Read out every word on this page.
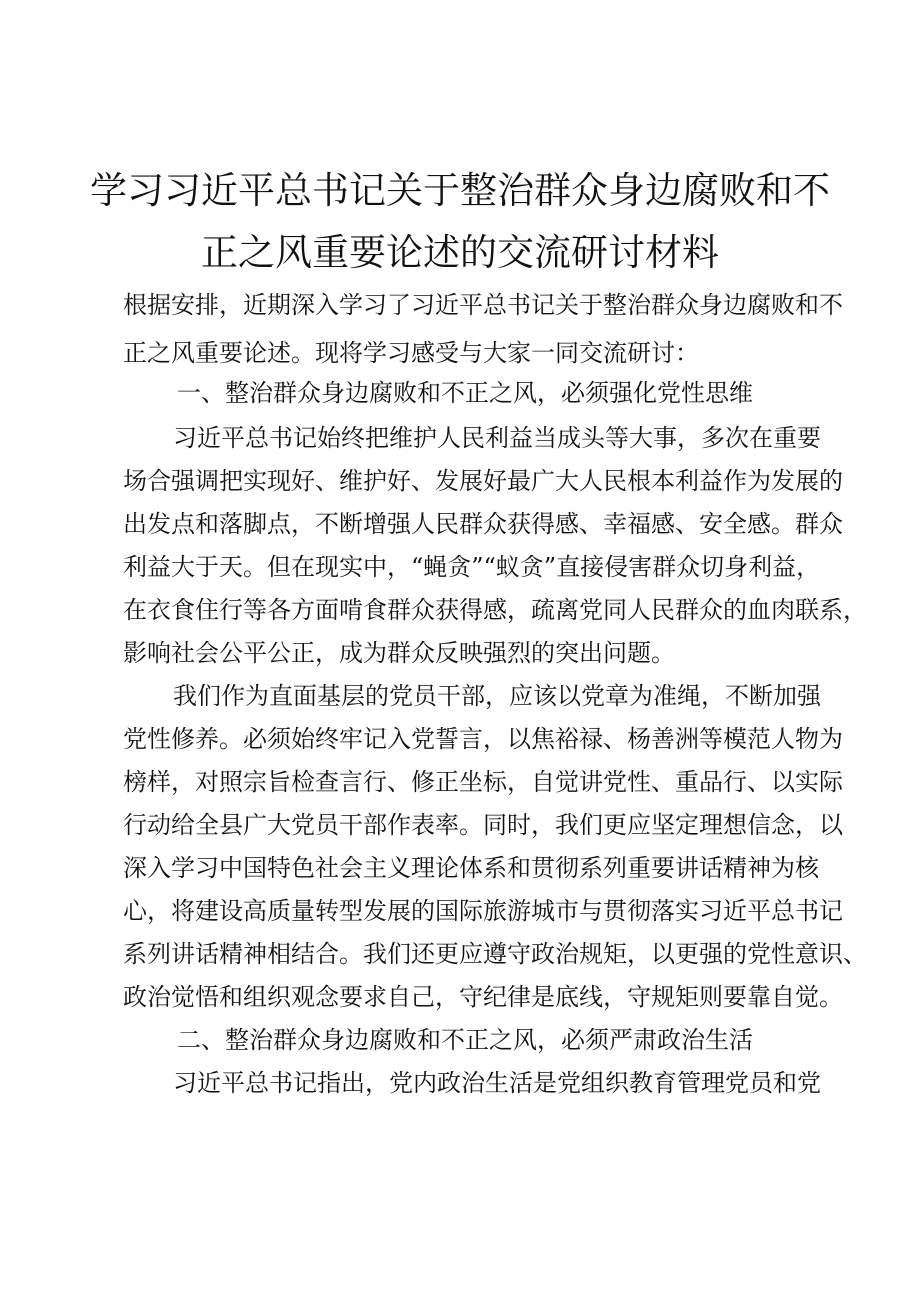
学习习近平总书记关于整治群众身边腐败和不
正之风重要论述的交流研讨材料

根据安排，近期深入学习了习近平总书记关于整治群众身边腐败和不

正之风重要论述。现将学习感受与大家一同交流研讨：

一、整治群众身边腐败和不正之风，必须强化党性思维

习近平总书记始终把维护人民利益当成头等大事，多次在重要

场合强调把实现好、维护好、发展好最广大人民根本利益作为发展的

出发点和落脚点，不断增强人民群众获得感、幸福感、安全感。群众

利益大于天。但在现实中，“蝇贪”“蚁贪”直接侵害群众切身利益，

在衣食住行等各方面啃食群众获得感，疏离党同人民群众的血肉联系，

影响社会公平公正，成为群众反映强烈的突出问题。

我们作为直面基层的党员干部，应该以党章为准绳，不断加强

党性修养。必须始终牢记入党誓言，以焦裕禄、杨善洲等模范人物为

榜样，对照宗旨检查言行、修正坐标，自觉讲党性、重品行、以实际

行动给全县广大党员干部作表率。同时，我们更应坚定理想信念，以

深入学习中国特色社会主义理论体系和贯彻系列重要讲话精神为核

心，将建设高质量转型发展的国际旅游城市与贯彻落实习近平总书记

系列讲话精神相结合。我们还更应遵守政治规矩，以更强的党性意识、

政治觉悟和组织观念要求自己，守纪律是底线，守规矩则要靠自觉。

二、整治群众身边腐败和不正之风，必须严肃政治生活

习近平总书记指出，党内政治生活是党组织教育管理党员和党
